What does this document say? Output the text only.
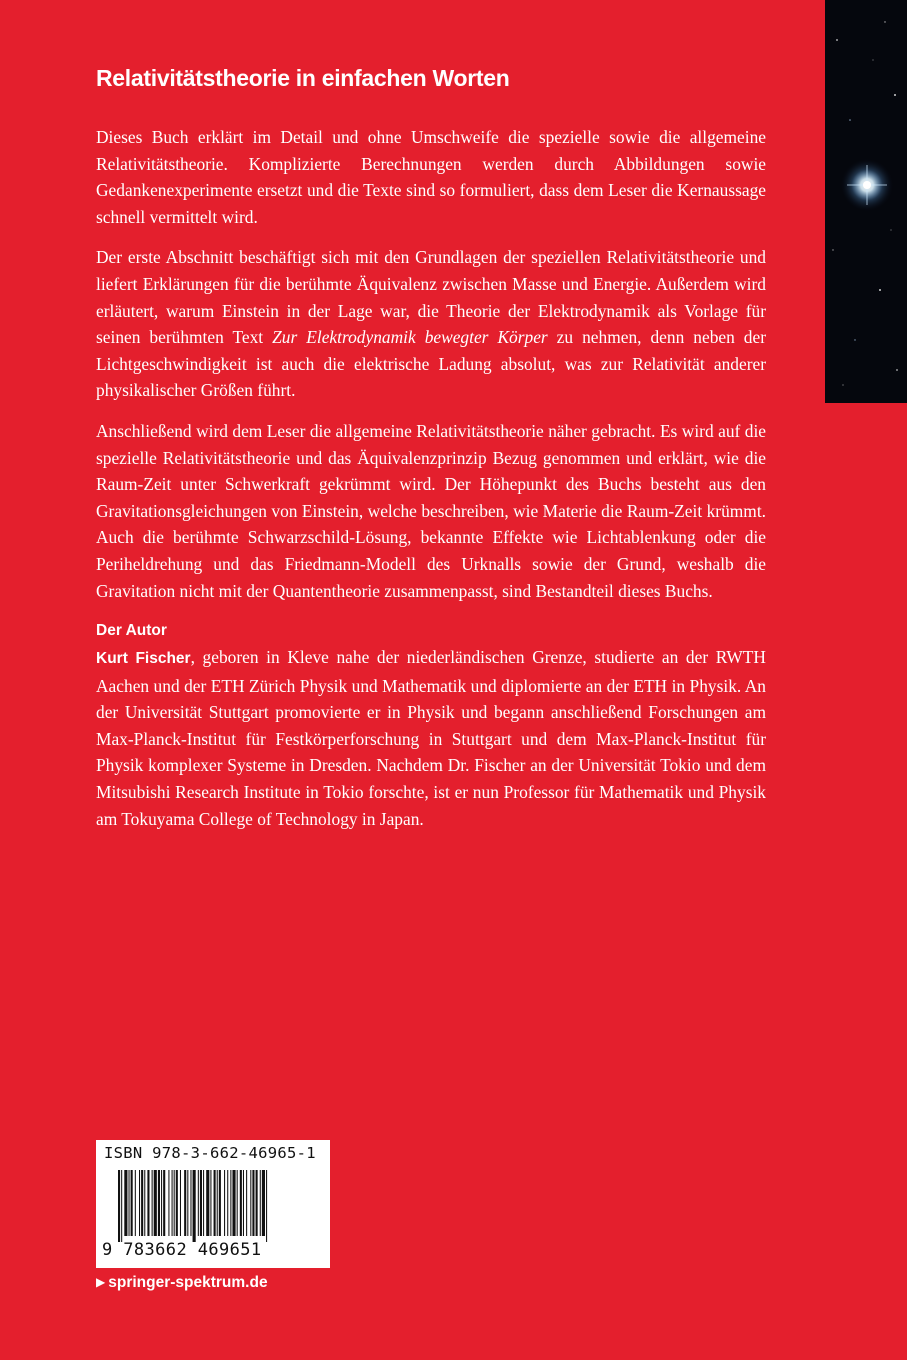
Relativitätstheorie in einfachen Worten

Dieses Buch erklärt im Detail und ohne Umschweife die spezielle sowie die allgemeine Relativitätstheorie. Komplizierte Berechnungen werden durch Abbildungen sowie Gedankenexperimente ersetzt und die Texte sind so formuliert, dass dem Leser die Kernaussage schnell vermittelt wird.

Der erste Abschnitt beschäftigt sich mit den Grundlagen der speziellen Relativitätstheorie und liefert Erklärungen für die berühmte Äquivalenz zwischen Masse und Energie. Außerdem wird erläutert, warum Einstein in der Lage war, die Theorie der Elektrodynamik als Vorlage für seinen berühmten Text Zur Elektrodynamik bewegter Körper zu nehmen, denn neben der Lichtgeschwindigkeit ist auch die elektrische Ladung absolut, was zur Relativität anderer physikalischer Größen führt.

Anschließend wird dem Leser die allgemeine Relativitätstheorie näher gebracht. Es wird auf die spezielle Relativitätstheorie und das Äquivalenzprinzip Bezug genommen und erklärt, wie die Raum-Zeit unter Schwerkraft gekrümmt wird. Der Höhepunkt des Buchs besteht aus den Gravitationsgleichungen von Einstein, welche beschreiben, wie Materie die Raum-Zeit krümmt. Auch die berühmte Schwarzschild-Lösung, bekannte Effekte wie Lichtablenkung oder die Periheldrehung und das Friedmann-Modell des Urknalls sowie der Grund, weshalb die Gravitation nicht mit der Quantentheorie zusammenpasst, sind Bestandteil dieses Buchs.

Der Autor

Kurt Fischer, geboren in Kleve nahe der niederländischen Grenze, studierte an der RWTH Aachen und der ETH Zürich Physik und Mathematik und diplomierte an der ETH in Physik. An der Universität Stuttgart promovierte er in Physik und begann anschließend Forschungen am Max-Planck-Institut für Festkörperforschung in Stuttgart und dem Max-Planck-Institut für Physik komplexer Systeme in Dresden. Nachdem Dr. Fischer an der Universität Tokio und dem Mitsubishi Research Institute in Tokio forschte, ist er nun Professor für Mathematik und Physik am Tokuyama College of Technology in Japan.

ISBN 978-3-662-46965-1
9 783662 469651
▶ springer-spektrum.de
